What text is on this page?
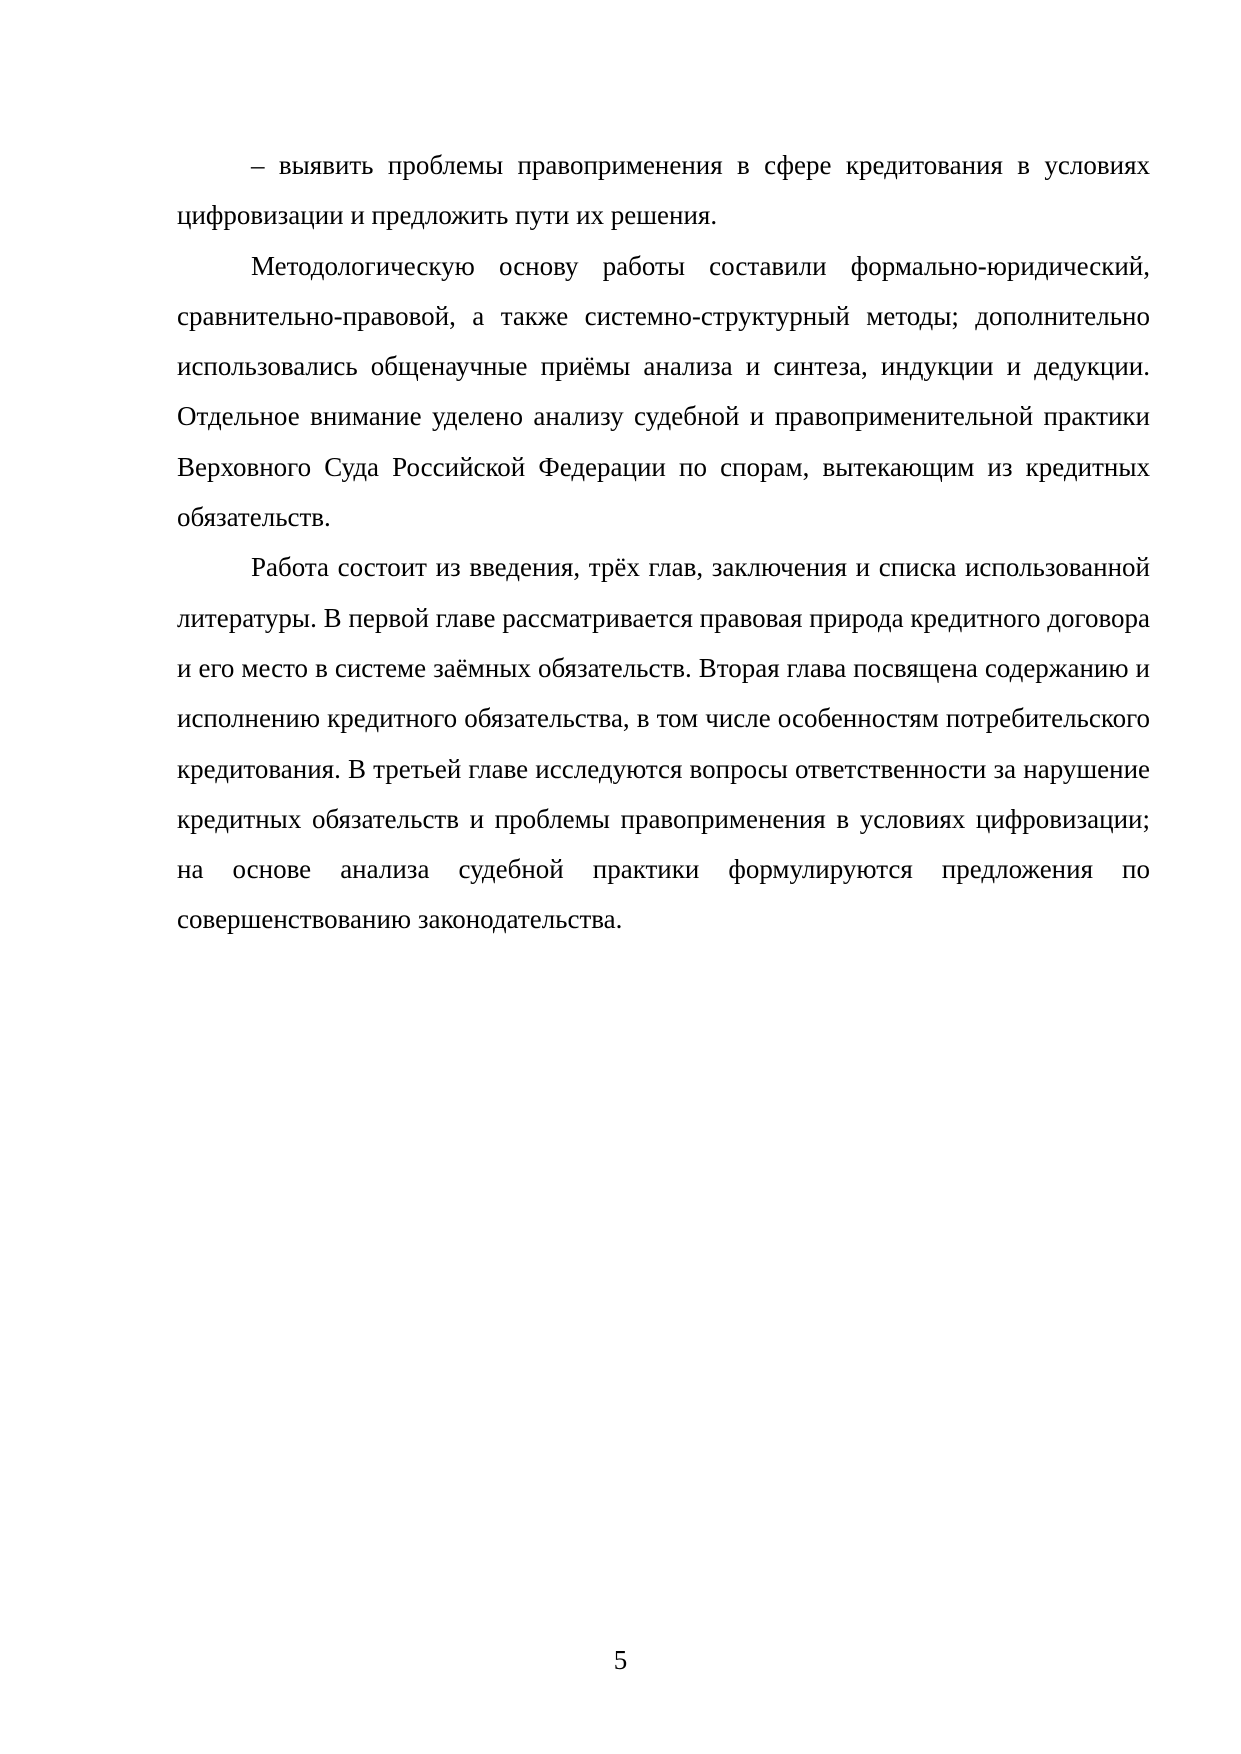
– выявить проблемы правоприменения в сфере кредитования в условиях цифровизации и предложить пути их решения.

Методологическую основу работы составили формально-юридический, сравнительно-правовой, а также системно-структурный методы; дополнительно использовались общенаучные приёмы анализа и синтеза, индукции и дедукции. Отдельное внимание уделено анализу судебной и правоприменительной практики Верховного Суда Российской Федерации по спорам, вытекающим из кредитных обязательств.

Работа состоит из введения, трёх глав, заключения и списка использованной литературы. В первой главе рассматривается правовая природа кредитного договора и его место в системе заёмных обязательств. Вторая глава посвящена содержанию и исполнению кредитного обязательства, в том числе особенностям потребительского кредитования. В третьей главе исследуются вопросы ответственности за нарушение кредитных обязательств и проблемы правоприменения в условиях цифровизации; на основе анализа судебной практики формулируются предложения по совершенствованию законодательства.

5
